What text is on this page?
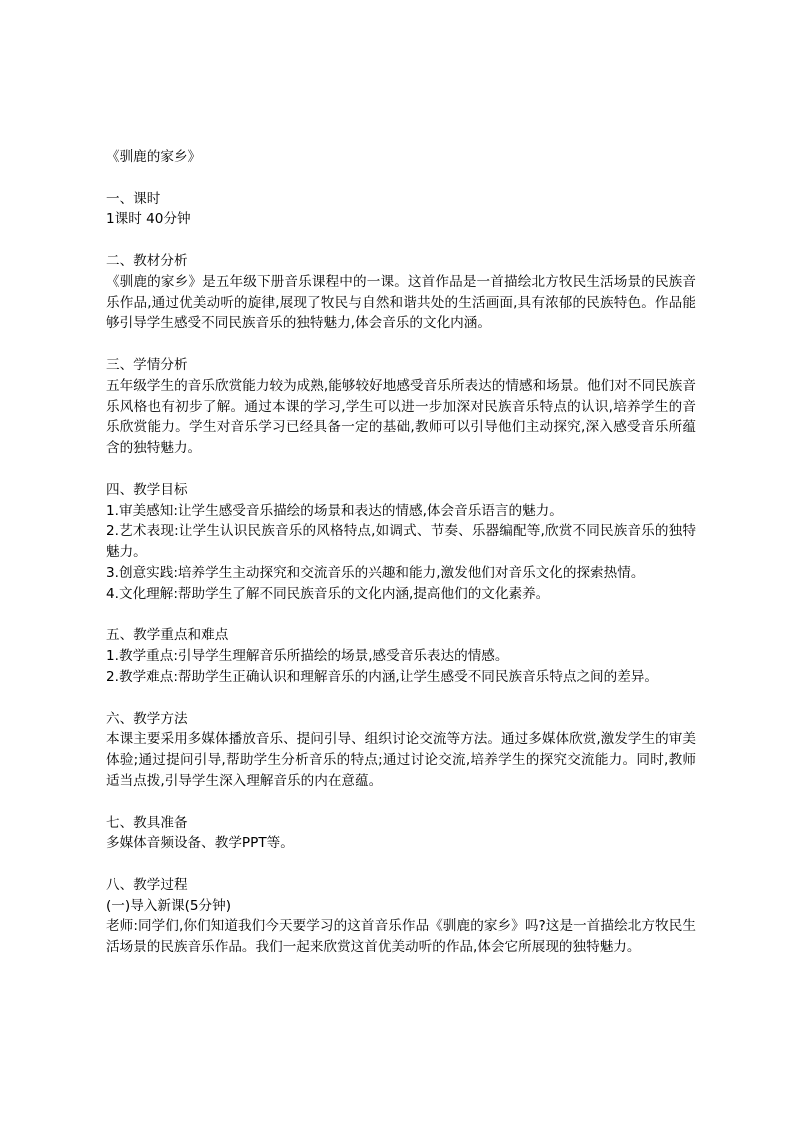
《驯鹿的家乡》

一、课时

1课时 40分钟

二、教材分析

《驯鹿的家乡》是五年级下册音乐课程中的一课。这首作品是一首描绘北方牧民生活场景的民族音乐作品,通过优美动听的旋律,展现了牧民与自然和谐共处的生活画面,具有浓郁的民族特色。作品能够引导学生感受不同民族音乐的独特魅力,体会音乐的文化内涵。

三、学情分析

五年级学生的音乐欣赏能力较为成熟,能够较好地感受音乐所表达的情感和场景。他们对不同民族音乐风格也有初步了解。通过本课的学习,学生可以进一步加深对民族音乐特点的认识,培养学生的音乐欣赏能力。学生对音乐学习已经具备一定的基础,教师可以引导他们主动探究,深入感受音乐所蕴含的独特魅力。

四、教学目标

1.审美感知:让学生感受音乐描绘的场景和表达的情感,体会音乐语言的魅力。

2.艺术表现:让学生认识民族音乐的风格特点,如调式、节奏、乐器编配等,欣赏不同民族音乐的独特魅力。

3.创意实践:培养学生主动探究和交流音乐的兴趣和能力,激发他们对音乐文化的探索热情。

4.文化理解:帮助学生了解不同民族音乐的文化内涵,提高他们的文化素养。

五、教学重点和难点

1.教学重点:引导学生理解音乐所描绘的场景,感受音乐表达的情感。

2.教学难点:帮助学生正确认识和理解音乐的内涵,让学生感受不同民族音乐特点之间的差异。

六、教学方法

本课主要采用多媒体播放音乐、提问引导、组织讨论交流等方法。通过多媒体欣赏,激发学生的审美体验;通过提问引导,帮助学生分析音乐的特点;通过讨论交流,培养学生的探究交流能力。同时,教师适当点拨,引导学生深入理解音乐的内在意蕴。

七、教具准备

多媒体音频设备、教学PPT等。

八、教学过程

(一)导入新课(5分钟)

老师:同学们,你们知道我们今天要学习的这首音乐作品《驯鹿的家乡》吗?这是一首描绘北方牧民生活场景的民族音乐作品。我们一起来欣赏这首优美动听的作品,体会它所展现的独特魅力。
